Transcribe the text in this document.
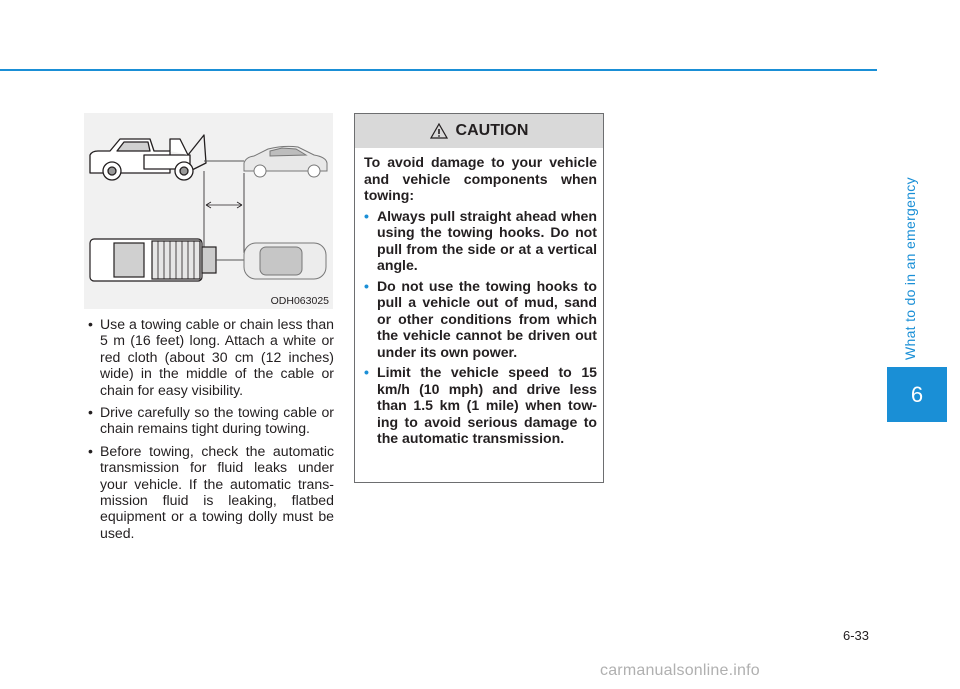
ODH063025
• Use a towing cable or chain less than 5 m (16 feet) long. Attach a white or red cloth (about 30 cm (12 inches) wide) in the middle of the cable or chain for easy visibility.
• Drive carefully so the towing cable or chain remains tight during towing.
• Before towing, check the automatic transmission for fluid leaks under your vehicle. If the automatic transmission fluid is leaking, flatbed equipment or a towing dolly must be used.
CAUTION

To avoid damage to your vehicle and vehicle components when towing:

• Always pull straight ahead when using the towing hooks. Do not pull from the side or at a vertical angle.
• Do not use the towing hooks to pull a vehicle out of mud, sand or other conditions from which the vehicle cannot be driven out under its own power.
• Limit the vehicle speed to 15 km/h (10 mph) and drive less than 1.5 km (1 mile) when towing to avoid serious damage to the automatic transmission.
What to do in an emergency
6
6-33
carmanualsonline.info
